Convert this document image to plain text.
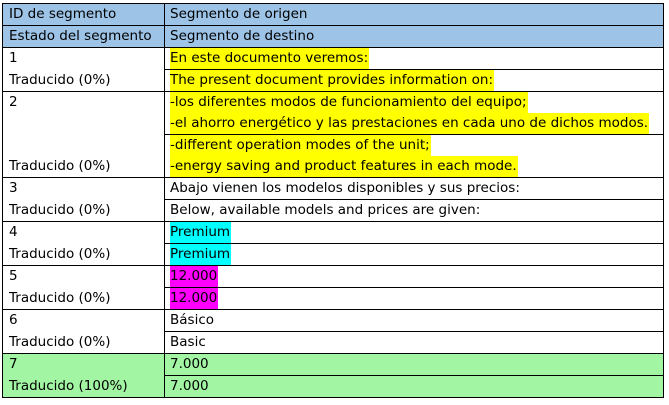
ID de segmento	Segmento de origen
Estado del segmento	Segmento de destino

1
Traducido (0%)	En este documento veremos:

	The present document provides information on:

2
Traducido (0%)	-los diferentes modos de funcionamiento del equipo;
-el ahorro energético y las prestaciones en cada uno de dichos modos.

	-different operation modes of the unit;
-energy saving and product features in each mode.

3
Traducido (0%)	Abajo vienen los modelos disponibles y sus precios:

	Below, available models and prices are given:

4
Traducido (0%)	Premium

	Premium

5
Traducido (0%)	12.000

	12.000

6
Traducido (0%)	Básico

	Basic

7
Traducido (100%)	7.000

	7.000
